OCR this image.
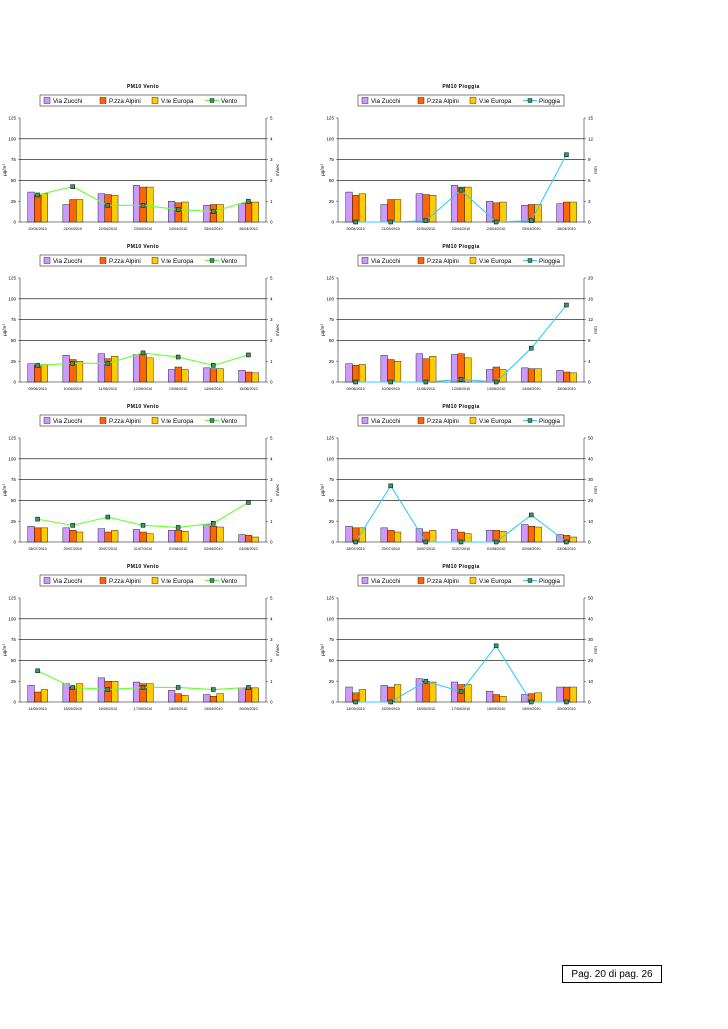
PM10 Vento
Via Zucchi	P.zza Alpini	V.le Europa	Vento
0
25
50
75
100
125
0
1
2
3
4
5
µg/m³	m/sec
20/04/2010	21/04/2010	22/04/2010	23/04/2010	24/04/2010	25/04/2010	26/04/2010
PM10 Pioggia
Via Zucchi	P.zza Alpini	V.le Europa	Pioggia
0
25
50
75
100
125
0
3
6
9
12
15
µg/m³	mm
20/04/2010	21/04/2010	22/04/2010	23/04/2010	24/04/2010	25/04/2010	26/04/2010
PM10 Vento
Via Zucchi	P.zza Alpini	V.le Europa	Vento
0
25
50
75
100
125
0
1
2
3
4
5
µg/m³	m/sec
09/06/2010	10/06/2010	11/06/2010	12/06/2010	13/06/2010	14/06/2010	15/06/2010
PM10 Pioggia
Via Zucchi	P.zza Alpini	V.le Europa	Pioggia
0
25
50
75
100
125
0
4
8
12
16
20
µg/m³	mm
09/06/2010	10/06/2010	11/06/2010	12/06/2010	13/06/2010	14/06/2010	15/06/2010
PM10 Vento
Via Zucchi	P.zza Alpini	V.le Europa	Vento
0
25
50
75
100
125
0
1
2
3
4
5
µg/m³	m/sec
28/07/2010	29/07/2010	30/07/2010	31/07/2010	01/08/2010	02/08/2010	03/08/2010
PM10 Pioggia
Via Zucchi	P.zza Alpini	V.le Europa	Pioggia
0
25
50
75
100
125
0
10
20
30
40
50
µg/m³	mm
28/07/2010	29/07/2010	30/07/2010	31/07/2010	01/08/2010	02/08/2010	03/08/2010
PM10 Vento
Via Zucchi	P.zza Alpini	V.le Europa	Vento
0
25
50
75
100
125
0
1
2
3
4
5
µg/m³	m/sec
14/09/2010	15/09/2010	16/09/2010	17/09/2010	18/09/2010	19/09/2010	20/09/2010
PM10 Pioggia
Via Zucchi	P.zza Alpini	V.le Europa	Pioggia
0
25
50
75
100
125
0
10
20
30
40
50
µg/m³	mm
14/09/2010	15/09/2010	16/09/2010	17/09/2010	18/09/2010	19/09/2010	20/09/2010
Pag. 20 di pag. 26
